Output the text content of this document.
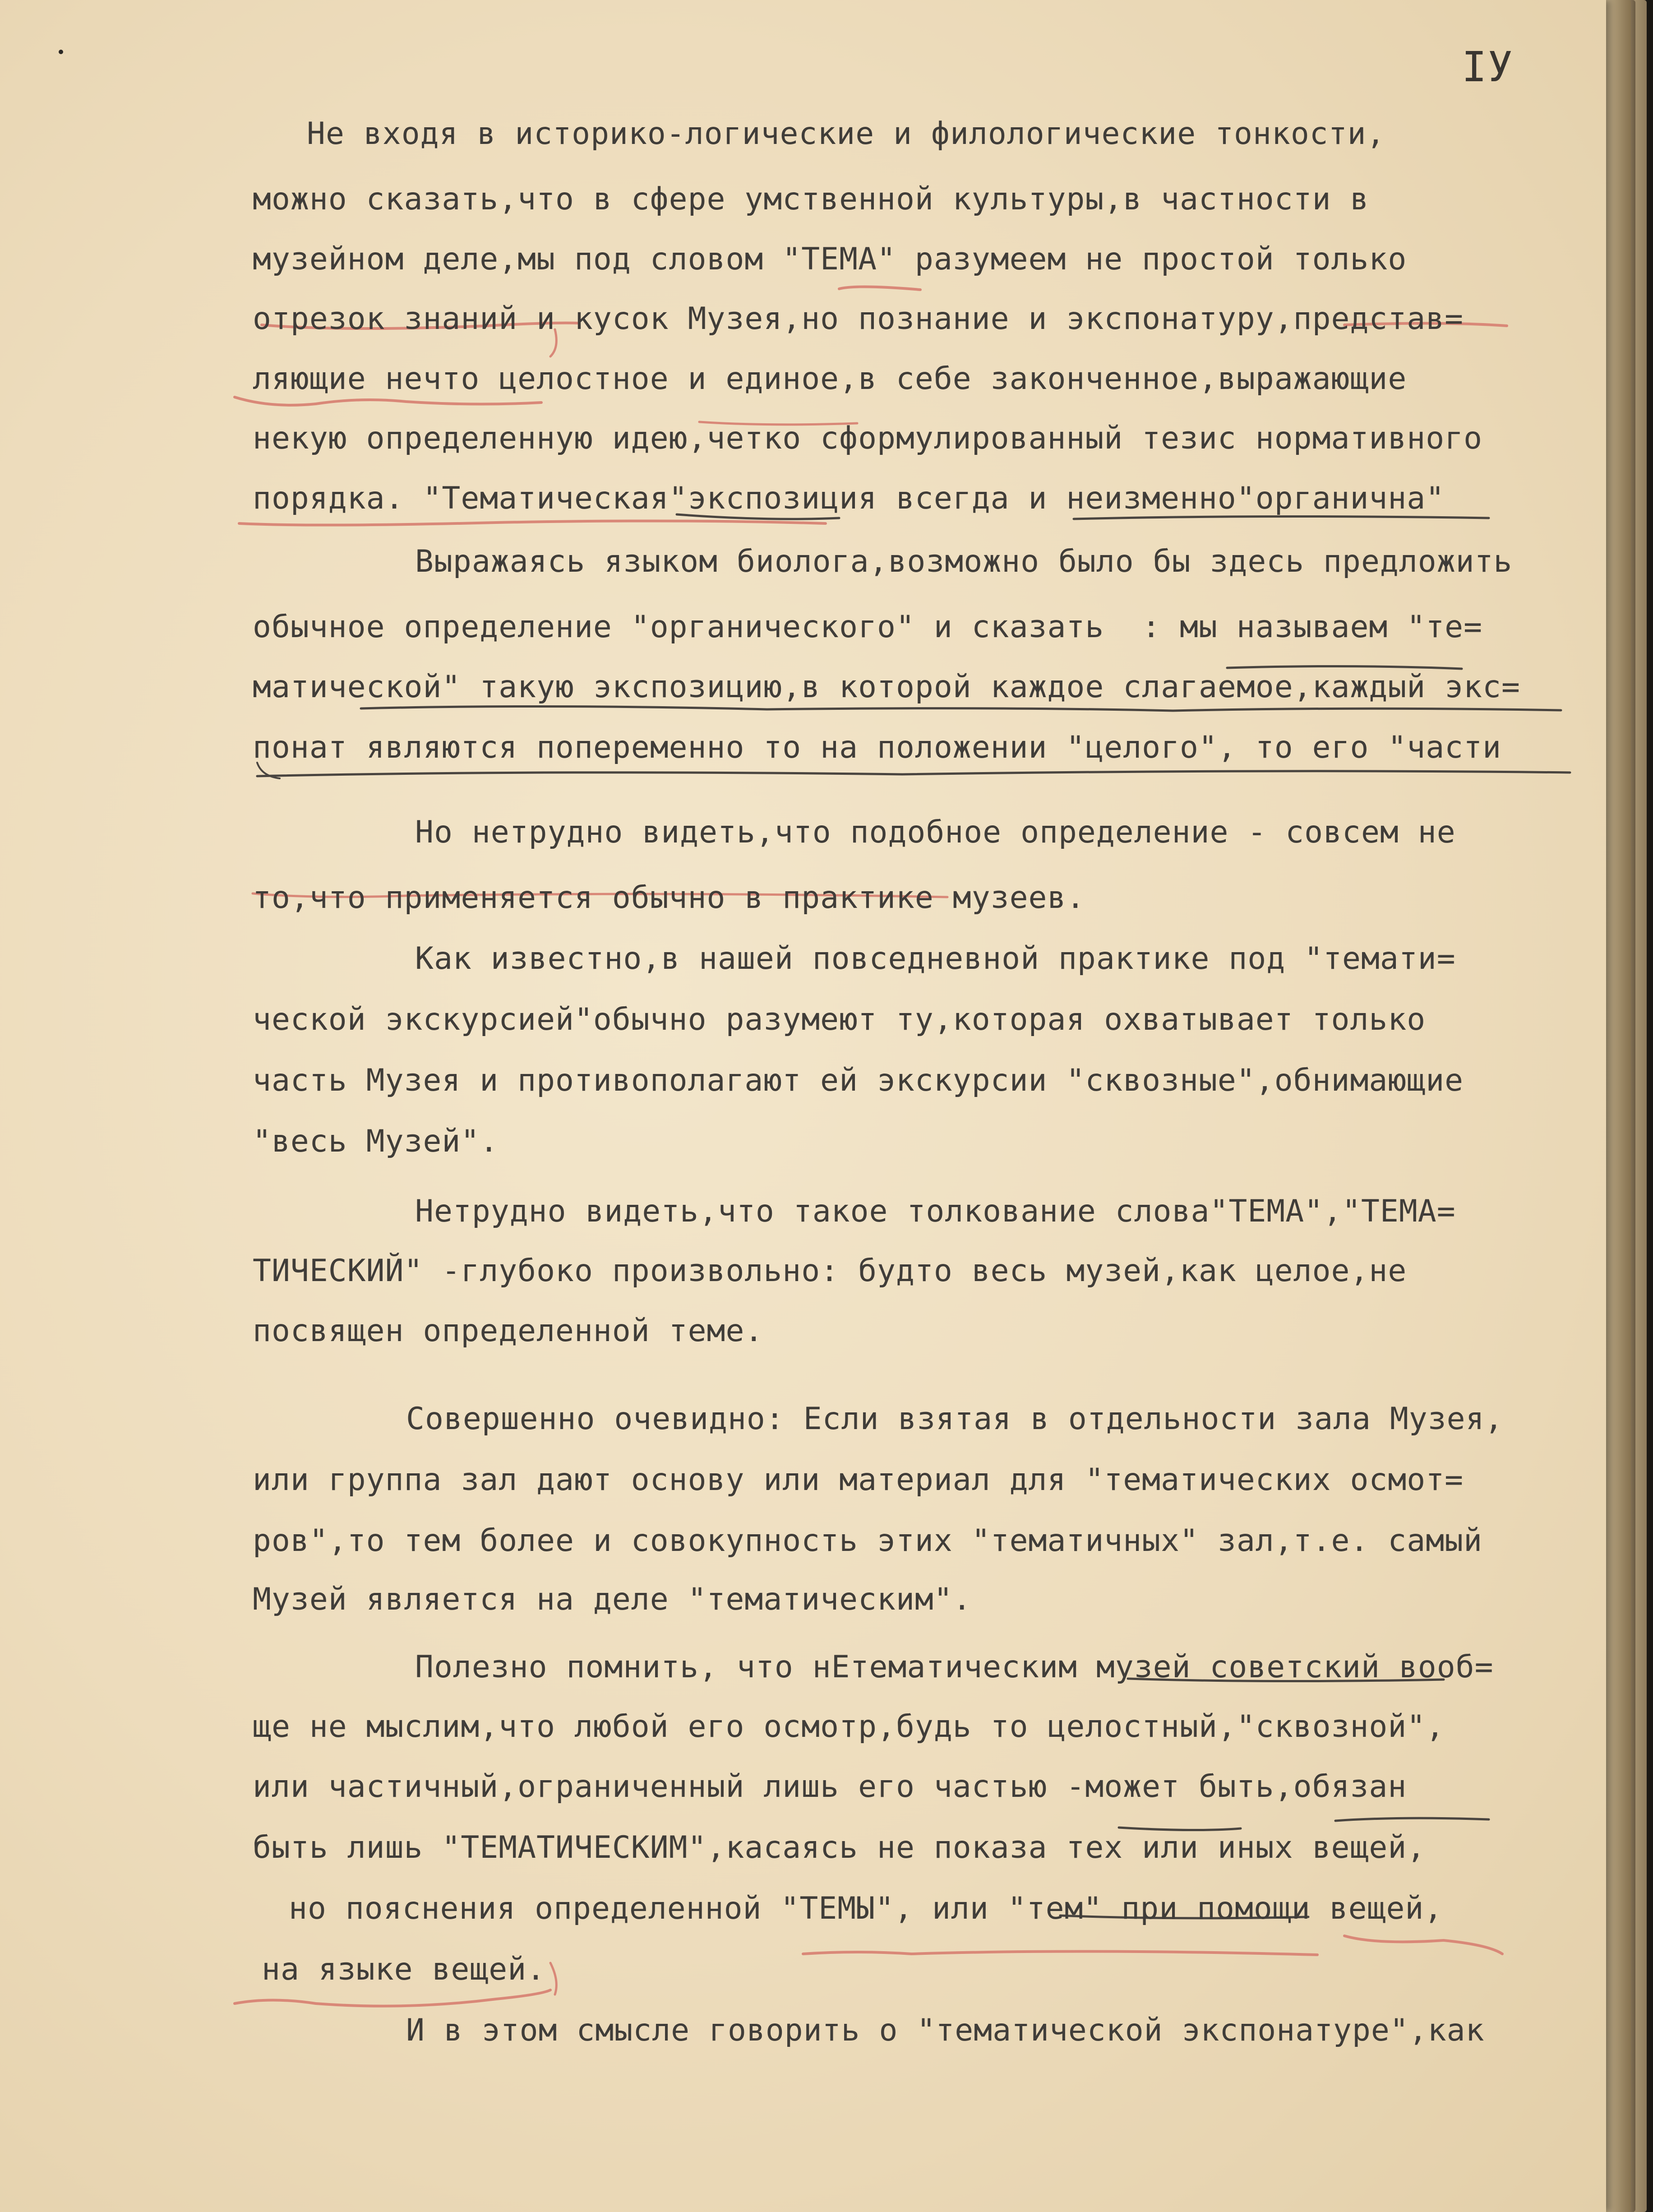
IУ

Не входя в историко-логические и филологические тонкости,

можно сказать,что в сфере умственной культуры,в частности в

музейном деле,мы под словом "ТЕМА" разумеем не простой только

отрезок знаний и кусок Музея,но познание и экспонатуру,представ=

ляющие нечто целостное и единое,в себе законченное,выражающие

некую определенную идею,четко сформулированный тезис нормативного

порядка. "Тематическая"экспозиция всегда и неизменно"органична"

Выражаясь языком биолога,возможно было бы здесь предложить

обычное определение "органического" и сказать  : мы называем "те=

матической" такую экспозицию,в которой каждое слагаемое,каждый экс=

понат являются попеременно то на положении "целого", то его "части

Но нетрудно видеть,что подобное определение - совсем не

то,что применяется обычно в практике музеев.

Как известно,в нашей повседневной практике под "темати=

ческой экскурсией"обычно разумеют ту,которая охватывает только

часть Музея и противополагают ей экскурсии "сквозные",обнимающие

"весь Музей".

Нетрудно видеть,что такое толкование слова"ТЕМА","ТЕМА=

ТИЧЕСКИЙ" -глубоко произвольно: будто весь музей,как целое,не

посвящен определенной теме.

Совершенно очевидно: Если взятая в отдельности зала Музея,

или группа зал дают основу или материал для "тематических осмот=

ров",то тем более и совокупность этих "тематичных" зал,т.е. самый

Музей является на деле "тематическим".

Полезно помнить, что нЕтематическим музей советский вооб=

ще не мыслим,что любой его осмотр,будь то целостный,"сквозной",

или частичный,ограниченный лишь его частью -может быть,обязан

быть лишь "ТЕМАТИЧЕСКИМ",касаясь не показа тех или иных вещей,

но пояснения определенной "ТЕМЫ", или "тем" при помощи вещей,

на языке вещей.

И в этом смысле говорить о "тематической экспонатуре",как
